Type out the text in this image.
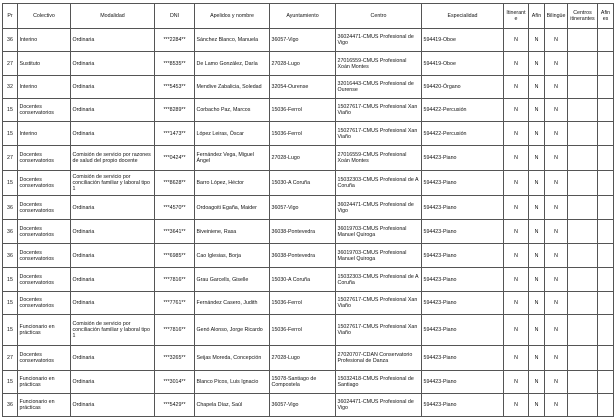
Pr	Colectivo	Modalidad	DNI	Apelidos y nombre	Ayuntamiento	Centro	Especialidad	Itinerante	Afín	Bilingüe	Centros itinerantes	Afines
36	Interino	Ordinaria	***2284**	Sánchez Blanco, Manuela	36057-Vigo	36024471-CMUS Profesional de Vigo	594419-Oboe	N	N	N		
27	Sustituto	Ordinaria	***8535**	De Lamo González, Daría	27028-Lugo	27016559-CMUS Profesional Xoán Montes	594419-Oboe	N	N	N		
32	Interino	Ordinaria	***5453**	Mendive Zabalicia, Soledad	32054-Ourense	32016443-CMUS Profesional de Ourense	594420-Órgano	N	N	N		
15	Docentes conservatorios	Ordinaria	***8289**	Corbacho Paz, Marcos	15036-Ferrol	15027617-CMUS Profesional Xan Viaño	594422-Percusión	N	N	N		
15	Interino	Ordinaria	***1473**	López Leiras, Óscar	15036-Ferrol	15027617-CMUS Profesional Xan Viaño	594422-Percusión	N	N	N		
27	Docentes conservatorios	Comisión de servicio por razones de salud del propio docente	***0424**	Fernández Vega, Miguel Ángel	27028-Lugo	27016559-CMUS Profesional Xoán Montes	594423-Piano	N	N	N		
15	Docentes conservatorios	Comisión de servicio por conciliación familiar y laboral tipo 1	***8628**	Barro López, Héctor	15030-A Coruña	15032303-CMUS Profesional de A Coruña	594423-Piano	N	N	N		
36	Docentes conservatorios	Ordinaria	***4570**	Ordoagoiti Egaña, Maider	36057-Vigo	36024471-CMUS Profesional de Vigo	594423-Piano	N	N	N		
36	Docentes conservatorios	Ordinaria	***3641**	Biveiniene, Rasa	36038-Pontevedra	36019703-CMUS Profesional Manuel Quiroga	594423-Piano	N	N	N		
36	Docentes conservatorios	Ordinaria	***6985**	Cao Iglesias, Borja	36038-Pontevedra	36019703-CMUS Profesional Manuel Quiroga	594423-Piano	N	N	N		
15	Docentes conservatorios	Ordinaria	***7816**	Grau Garcells, Giselle	15030-A Coruña	15032303-CMUS Profesional de A Coruña	594423-Piano	N	N	N		
15	Docentes conservatorios	Ordinaria	***7761**	Fernández Casero, Judith	15036-Ferrol	15027617-CMUS Profesional Xan Viaño	594423-Piano	N	N	N		
15	Funcionario en prácticas	Comisión de servicio por conciliación familiar y laboral tipo 1	***7816**	Genó Alonso, Jorge Ricardo	15036-Ferrol	15027617-CMUS Profesional Xan Viaño	594423-Piano	N	N	N		
27	Docentes conservatorios	Ordinaria	***3265**	Seijas Moreda, Concepción	27028-Lugo	27020707-CDAN Conservatorio Profesional de Danza	594423-Piano	N	N	N		
15	Funcionario en prácticas	Ordinaria	***3014**	Blanco Picos, Luis Ignacio	15078-Santiago de Compostela	15032418-CMUS Profesional de Santiago	594423-Piano	N	N	N		
36	Funcionario en prácticas	Ordinaria	***5429**	Chapela Díaz, Saúl	36057-Vigo	36024471-CMUS Profesional de Vigo	594423-Piano	N	N	N		
